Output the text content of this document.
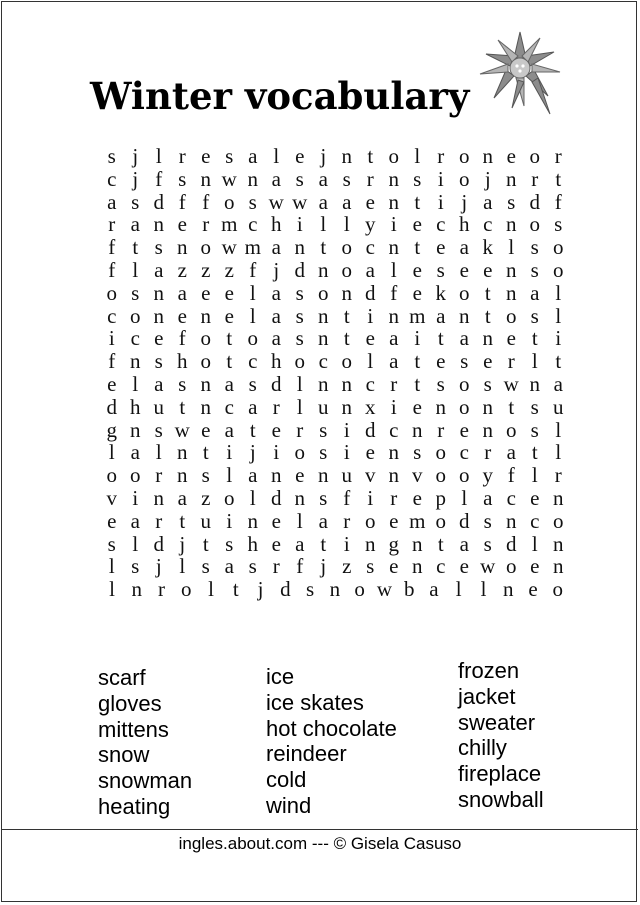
Winter vocabulary
s j l r e s a l e j n t o l r o n e o r
c j f s n w n a s a s r n s i o j n r t
a s d f f o s w w a a e n t i j a s d f
r a n e r m c h i l l y i e c h c n o s
f t s n o w m a n t o c n t e a k l s o
f l a z z z f j d n o a l e s e e n s o
o s n a e e l a s o n d f e k o t n a l
c o n e n e l a s n t i n m a n t o s l
i c e f o t o a s n t e a i t a n e t i
f n s h o t c h o c o l a t e s e r l t
e l a s n a s d l n n c r t s o s w n a
d h u t n c a r l u n x i e n o n t s u
g n s w e a t e r s i d c n r e n o s l
l a l n t i j i o s i e n s o c r a t l
o o r n s l a n e n u v n v o o y f l r
v i n a z o l d n s f i r e p l a c e n
e a r t u i n e l a r o e m o d s n c o
s l d j t s h e a t i n g n t a s d l n
l s j l s a s r f j z s e n c e w o e n
l n r o l t j d s n o w b a l l n e o
scarf
gloves
mittens
snow
snowman
heating
ice
ice skates
hot chocolate
reindeer
cold
wind
frozen
jacket
sweater
chilly
fireplace
snowball
ingles.about.com --- © Gisela Casuso
